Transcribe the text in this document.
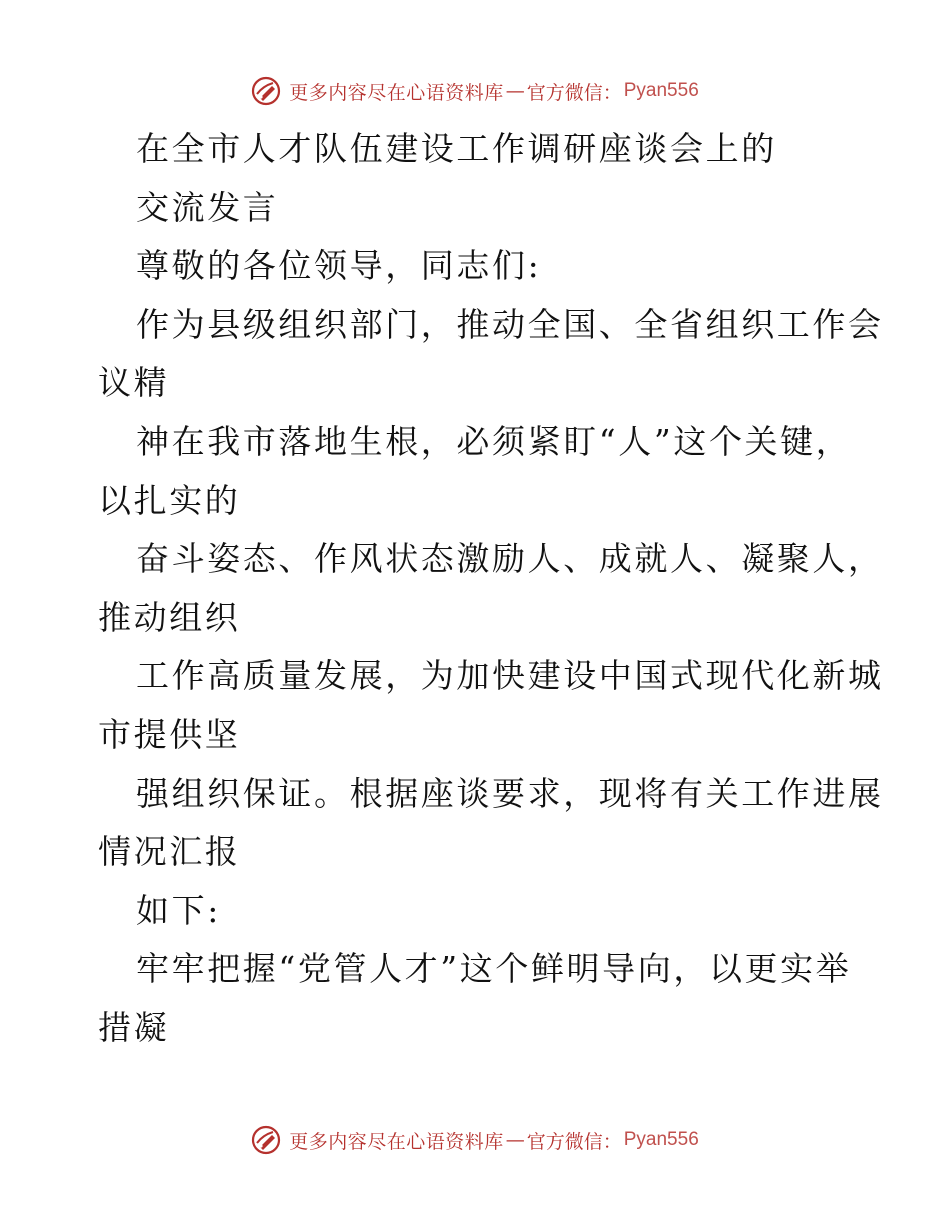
更多内容尽在心语资料库 — 官方微信： Pyan556
在全市人才队伍建设工作调研座谈会上的
交流发言
尊敬的各位领导，同志们:
作为县级组织部门，推动全国、全省组织工作会
议精
神在我市落地生根，必须紧盯“人”这个关键，
以扎实的
奋斗姿态、作风状态激励人、成就人、凝聚人，
推动组织
工作高质量发展，为加快建设中国式现代化新城
市提供坚
强组织保证。根据座谈要求，现将有关工作进展
情况汇报
如下:
牢牢把握“党管人才”这个鲜明导向，以更实举
措凝
更多内容尽在心语资料库 — 官方微信： Pyan556
